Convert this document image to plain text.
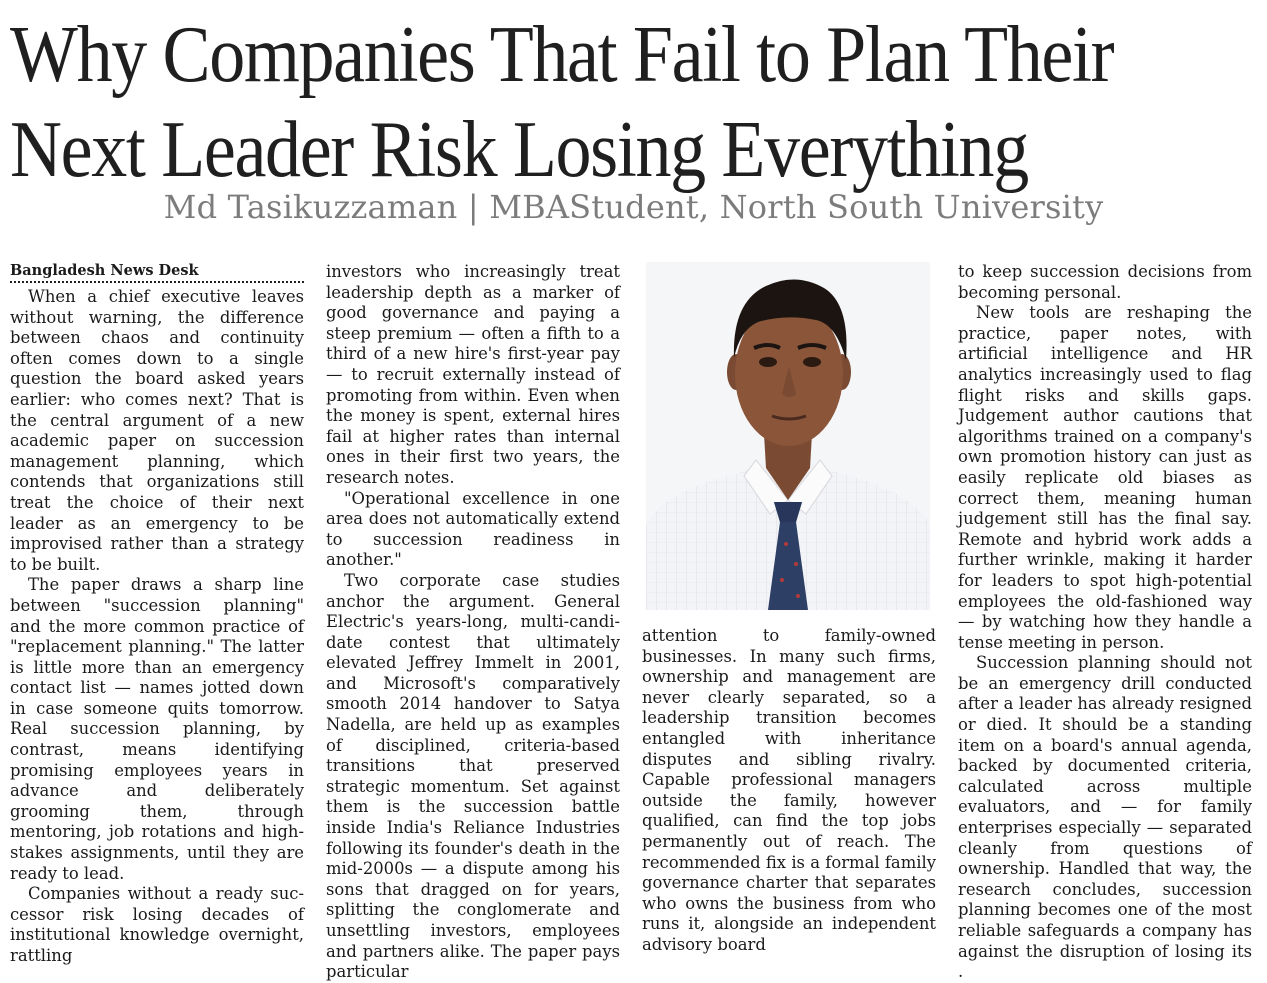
Why Companies That Fail to Plan Their
Next Leader Risk Losing Everything
Md Tasikuzzaman | MBAStudent, North South University
Bangladesh News Desk

When a chief executive leaves without warning, the difference between chaos and continuity often comes down to a single question the board asked years earlier: who comes next? That is the central argument of a new academic paper on succession management planning, which contends that organizations still treat the choice of their next leader as an emergency to be improvised rather than a strategy to be built.

The paper draws a sharp line between "succession planning" and the more common practice of "replacement planning." The latter is little more than an emergency contact list — names jotted down in case someone quits tomorrow. Real succession planning, by contrast, means identifying promising employees years in advance and deliberately grooming them, through mentoring, job rotations and high-stakes assignments, until they are ready to lead.

Companies without a ready successor risk losing decades of institutional knowledge overnight, rattling

investors who increasingly treat leadership depth as a marker of good governance and paying a steep premium — often a fifth to a third of a new hire's first-year pay — to recruit externally instead of promoting from within. Even when the money is spent, external hires fail at higher rates than internal ones in their first two years, the research notes.

"Operational excellence in one area does not automatically extend to succession readiness in another."

Two corporate case studies anchor the argument. General Electric's years-long, multi-candidate contest that ultimately elevated Jeffrey Immelt in 2001, and Microsoft's comparatively smooth 2014 handover to Satya Nadella, are held up as examples of disciplined, criteria-based transitions that preserved strategic momentum. Set against them is the succession battle inside India's Reliance Industries following its founder's death in the mid-2000s — a dispute among his sons that dragged on for years, splitting the conglomerate and unsettling investors, employees and partners alike. The paper pays particular

attention to family-owned businesses. In many such firms, ownership and management are never clearly separated, so a leadership transition becomes entangled with inheritance disputes and sibling rivalry. Capable professional managers outside the family, however qualified, can find the top jobs permanently out of reach. The recommended fix is a formal family governance charter that separates who owns the business from who runs it, alongside an independent advisory board

to keep succession decisions from becoming personal.

New tools are reshaping the practice, paper notes, with artificial intelligence and HR analytics increasingly used to flag flight risks and skills gaps. Judgement author cautions that algorithms trained on a company's own promotion history can just as easily replicate old biases as correct them, meaning human judgement still has the final say. Remote and hybrid work adds a further wrinkle, making it harder for leaders to spot high-potential employees the old-fashioned way — by watching how they handle a tense meeting in person.

Succession planning should not be an emergency drill conducted after a leader has already resigned or died. It should be a standing item on a board's annual agenda, backed by documented criteria, calculated across multiple evaluators, and — for family enterprises especially — separated cleanly from questions of ownership. Handled that way, the research concludes, succession planning becomes one of the most reliable safeguards a company has against the disruption of losing its .
